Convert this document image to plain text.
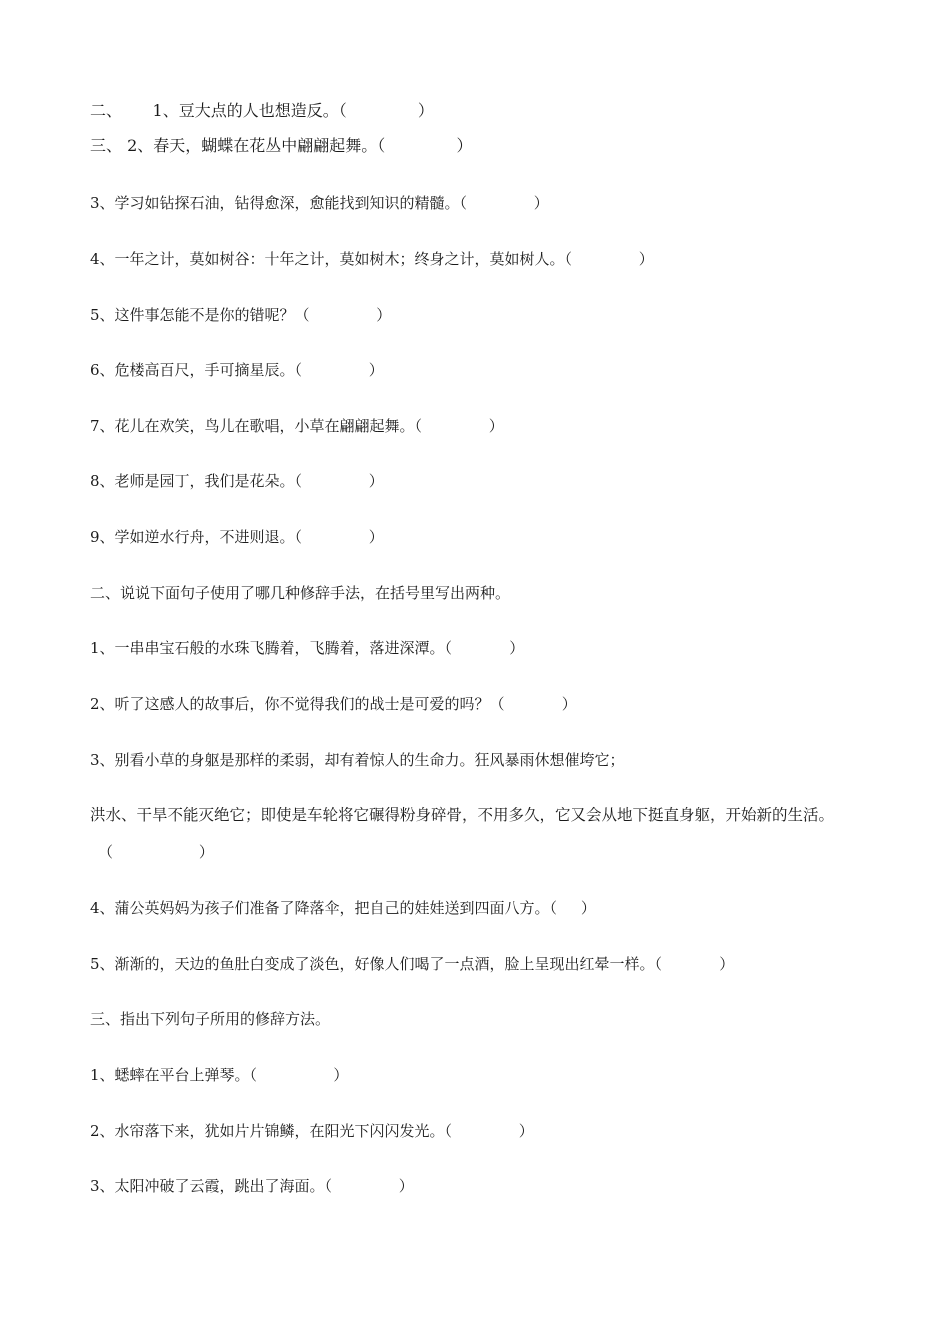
二、      1、豆大点的人也想造反。（              ）
三、 2、春天，蝴蝶在花丛中翩翩起舞。（              ）
3、学习如钻探石油，钻得愈深，愈能找到知识的精髓。（              ）
4、一年之计，莫如树谷：十年之计，莫如树木；终身之计，莫如树人。（              ）
5、这件事怎能不是你的错呢？（              ）
6、危楼高百尺，手可摘星辰。（              ）
7、花儿在欢笑，鸟儿在歌唱，小草在翩翩起舞。（              ）
8、老师是园丁，我们是花朵。（              ）
9、学如逆水行舟，不进则退。（              ）
二、说说下面句子使用了哪几种修辞手法，在括号里写出两种。
1、一串串宝石般的水珠飞腾着，飞腾着，落进深潭。（            ）
2、听了这感人的故事后，你不觉得我们的战士是可爱的吗？（            ）
3、别看小草的身躯是那样的柔弱，却有着惊人的生命力。狂风暴雨休想催垮它；
洪水、干旱不能灭绝它；即使是车轮将它碾得粉身碎骨，不用多久，它又会从地下挺直身躯，开始新的生活。
4、蒲公英妈妈为孩子们准备了降落伞，把自己的娃娃送到四面八方。（     ）
5、渐渐的，天边的鱼肚白变成了淡色，好像人们喝了一点酒，脸上呈现出红晕一样。（            ）
三、指出下列句子所用的修辞方法。
1、蟋蟀在平台上弹琴。（                ）
2、水帘落下来，犹如片片锦鳞，在阳光下闪闪发光。（              ）
3、太阳冲破了云霞，跳出了海面。（              ）
（                  ）
